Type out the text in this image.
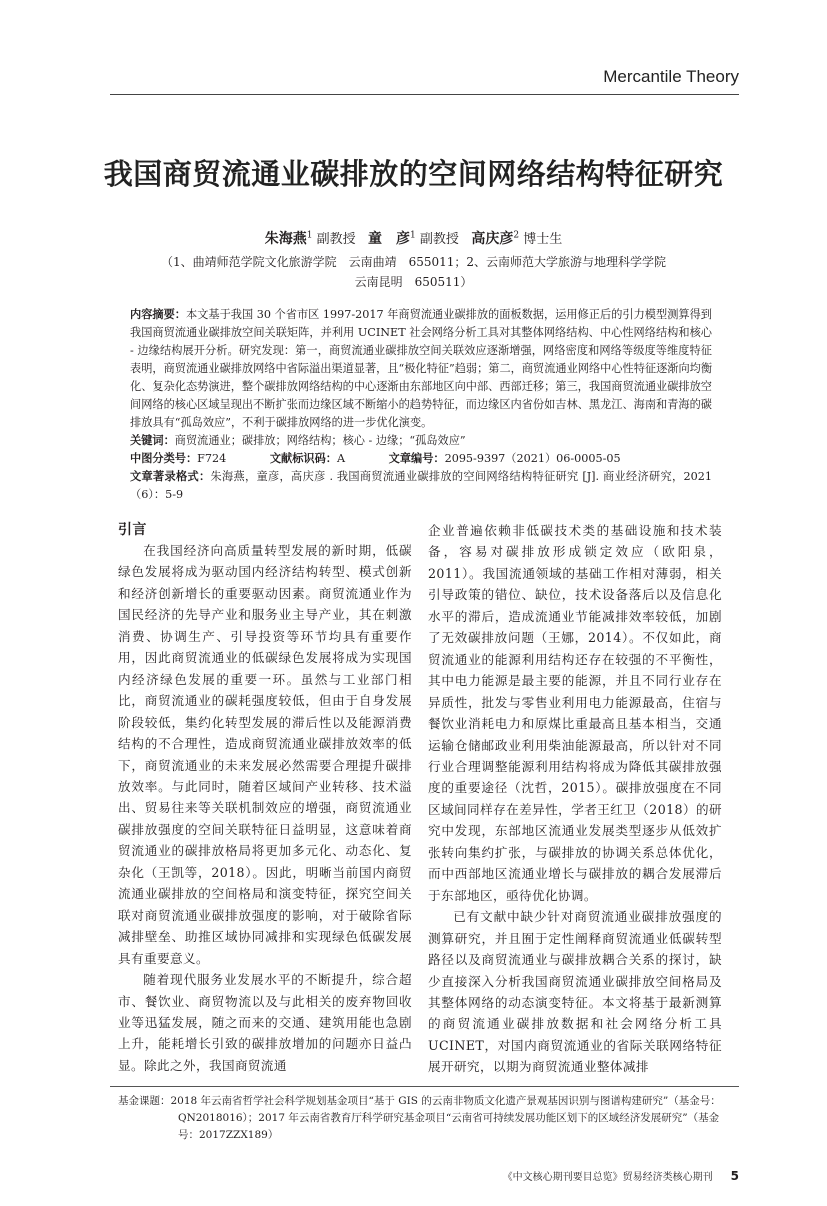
Mercantile Theory
我国商贸流通业碳排放的空间网络结构特征研究
朱海燕$^1$ 副教授 童　彦$^1$ 副教授 高庆彦$^2$ 博士生
（1、曲靖师范学院文化旅游学院　云南曲靖　655011；2、云南师范大学旅游与地理科学学院
云南昆明　650511）
内容摘要：本文基于我国 30 个省市区 1997-2017 年商贸流通业碳排放的面板数据，运用修正后的引力模型测算得到我国商贸流通业碳排放空间关联矩阵，并利用 UCINET 社会网络分析工具对其整体网络结构、中心性网络结构和核心 - 边缘结构展开分析。研究发现：第一，商贸流通业碳排放空间关联效应逐渐增强，网络密度和网络等级度等维度特征表明，商贸流通业碳排放网络中省际溢出渠道显著，且“极化特征”趋弱；第二，商贸流通业网络中心性特征逐渐向均衡化、复杂化态势演进，整个碳排放网络结构的中心逐渐由东部地区向中部、西部迁移；第三，我国商贸流通业碳排放空间网络的核心区域呈现出不断扩张而边缘区域不断缩小的趋势特征，而边缘区内省份如吉林、黑龙江、海南和青海的碳排放具有“孤岛效应”，不利于碳排放网络的进一步优化演变。
关键词：商贸流通业；碳排放；网络结构；核心 - 边缘；“孤岛效应”
中图分类号：F724	文献标识码：A	文章编号：2095-9397（2021）06-0005-05
文章著录格式：朱海燕，童彦，高庆彦 . 我国商贸流通业碳排放的空间网络结构特征研究 [J]. 商业经济研究，2021（6）：5-9
引言

在我国经济向高质量转型发展的新时期，低碳绿色发展将成为驱动国内经济结构转型、模式创新和经济创新增长的重要驱动因素。商贸流通业作为国民经济的先导产业和服务业主导产业，其在刺激消费、协调生产、引导投资等环节均具有重要作用，因此商贸流通业的低碳绿色发展将成为实现国内经济绿色发展的重要一环。虽然与工业部门相比，商贸流通业的碳耗强度较低，但由于自身发展阶段较低，集约化转型发展的滞后性以及能源消费结构的不合理性，造成商贸流通业碳排放效率的低下，商贸流通业的未来发展必然需要合理提升碳排放效率。与此同时，随着区域间产业转移、技术溢出、贸易往来等关联机制效应的增强，商贸流通业碳排放强度的空间关联特征日益明显，这意味着商贸流通业的碳排放格局将更加多元化、动态化、复杂化（王凯等，2018）。因此，明晰当前国内商贸流通业碳排放的空间格局和演变特征，探究空间关联对商贸流通业碳排放强度的影响，对于破除省际减排壁垒、助推区域协同减排和实现绿色低碳发展具有重要意义。

随着现代服务业发展水平的不断提升，综合超市、餐饮业、商贸物流以及与此相关的废弃物回收业等迅猛发展，随之而来的交通、建筑用能也急剧上升，能耗增长引致的碳排放增加的问题亦日益凸显。除此之外，我国商贸流通

企业普遍依赖非低碳技术类的基础设施和技术装备，容易对碳排放形成锁定效应（欧阳泉，2011）。我国流通领域的基础工作相对薄弱，相关引导政策的错位、缺位，技术设备落后以及信息化水平的滞后，造成流通业节能减排效率较低，加剧了无效碳排放问题（王娜，2014）。不仅如此，商贸流通业的能源利用结构还存在较强的不平衡性，其中电力能源是最主要的能源，并且不同行业存在异质性，批发与零售业利用电力能源最高，住宿与餐饮业消耗电力和原煤比重最高且基本相当，交通运输仓储邮政业利用柴油能源最高，所以针对不同行业合理调整能源利用结构将成为降低其碳排放强度的重要途径（沈哲，2015）。碳排放强度在不同区域间同样存在差异性，学者王红卫（2018）的研究中发现，东部地区流通业发展类型逐步从低效扩张转向集约扩张，与碳排放的协调关系总体优化，而中西部地区流通业增长与碳排放的耦合发展滞后于东部地区，亟待优化协调。

已有文献中缺少针对商贸流通业碳排放强度的测算研究，并且囿于定性阐释商贸流通业低碳转型路径以及商贸流通业与碳排放耦合关系的探讨，缺少直接深入分析我国商贸流通业碳排放空间格局及其整体网络的动态演变特征。本文将基于最新测算的商贸流通业碳排放数据和社会网络分析工具 UCINET，对国内商贸流通业的省际关联网络特征展开研究，以期为商贸流通业整体减排

基金课题：2018 年云南省哲学社会科学规划基金项目“基于 GIS 的云南非物质文化遗产景观基因识别与图谱构建研究”（基金号：QN2018016）；2017 年云南省教育厅科学研究基金项目“云南省可持续发展功能区划下的区域经济发展研究”（基金号：2017ZZX189）
《中文核心期刊要目总览》贸易经济类核心期刊 5
